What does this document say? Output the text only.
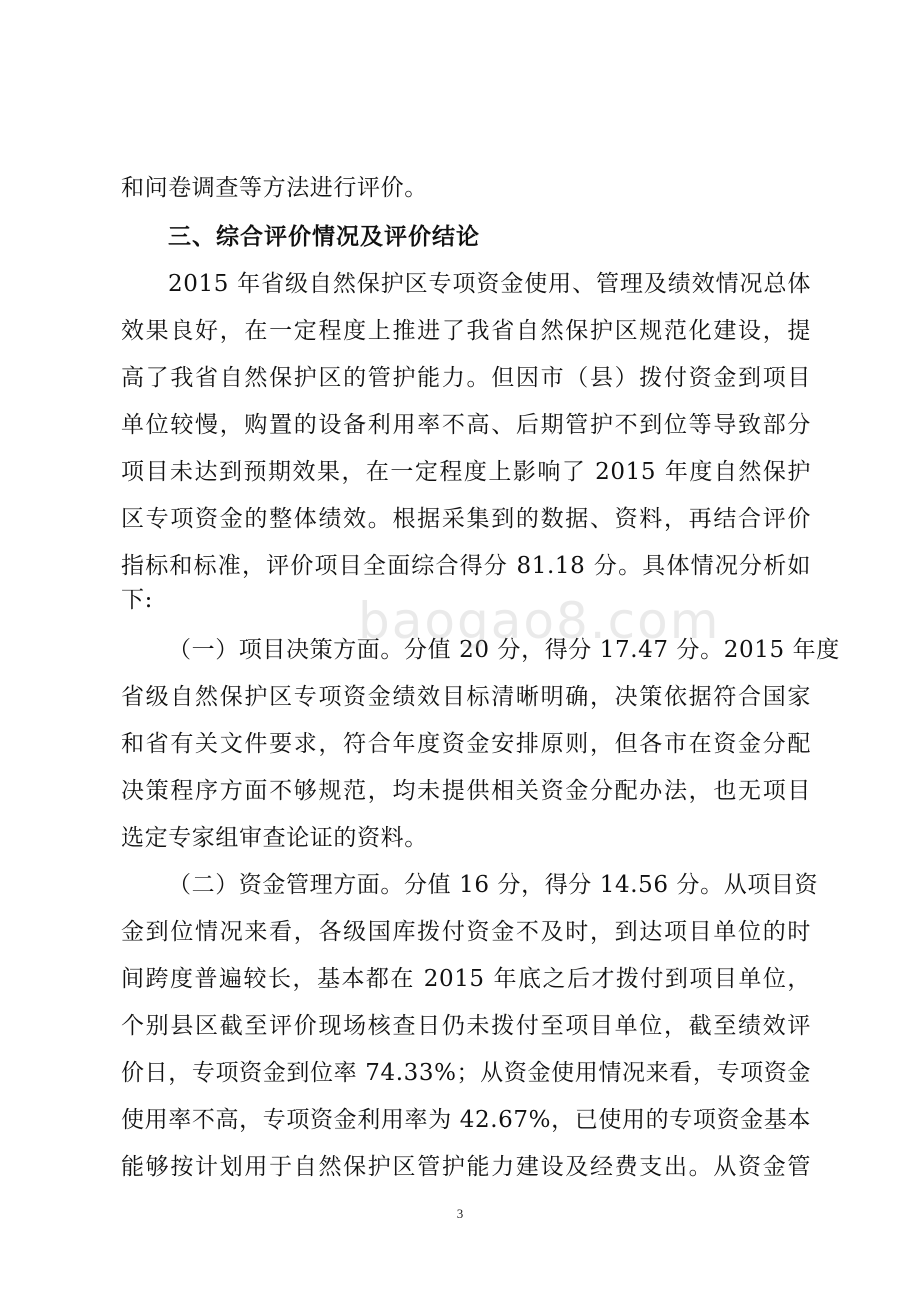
和问卷调查等方法进行评价。
三、综合评价情况及评价结论
2015 年省级自然保护区专项资金使用、管理及绩效情况总体
效果良好，在一定程度上推进了我省自然保护区规范化建设，提
高了我省自然保护区的管护能力。但因市（县）拨付资金到项目
单位较慢，购置的设备利用率不高、后期管护不到位等导致部分
项目未达到预期效果，在一定程度上影响了 2015 年度自然保护
区专项资金的整体绩效。根据采集到的数据、资料，再结合评价
指标和标准，评价项目全面综合得分 81.18 分。具体情况分析如
下:
（一）项目决策方面。分值 20 分，得分 17.47 分。2015 年度
省级自然保护区专项资金绩效目标清晰明确，决策依据符合国家
和省有关文件要求，符合年度资金安排原则，但各市在资金分配
决策程序方面不够规范，均未提供相关资金分配办法，也无项目
选定专家组审查论证的资料。
（二）资金管理方面。分值 16 分，得分 14.56 分。从项目资
金到位情况来看，各级国库拨付资金不及时，到达项目单位的时
间跨度普遍较长，基本都在 2015 年底之后才拨付到项目单位，
个别县区截至评价现场核查日仍未拨付至项目单位，截至绩效评
价日，专项资金到位率 74.33%；从资金使用情况来看，专项资金
使用率不高，专项资金利用率为 42.67%，已使用的专项资金基本
能够按计划用于自然保护区管护能力建设及经费支出。从资金管
baogao8.com
3
